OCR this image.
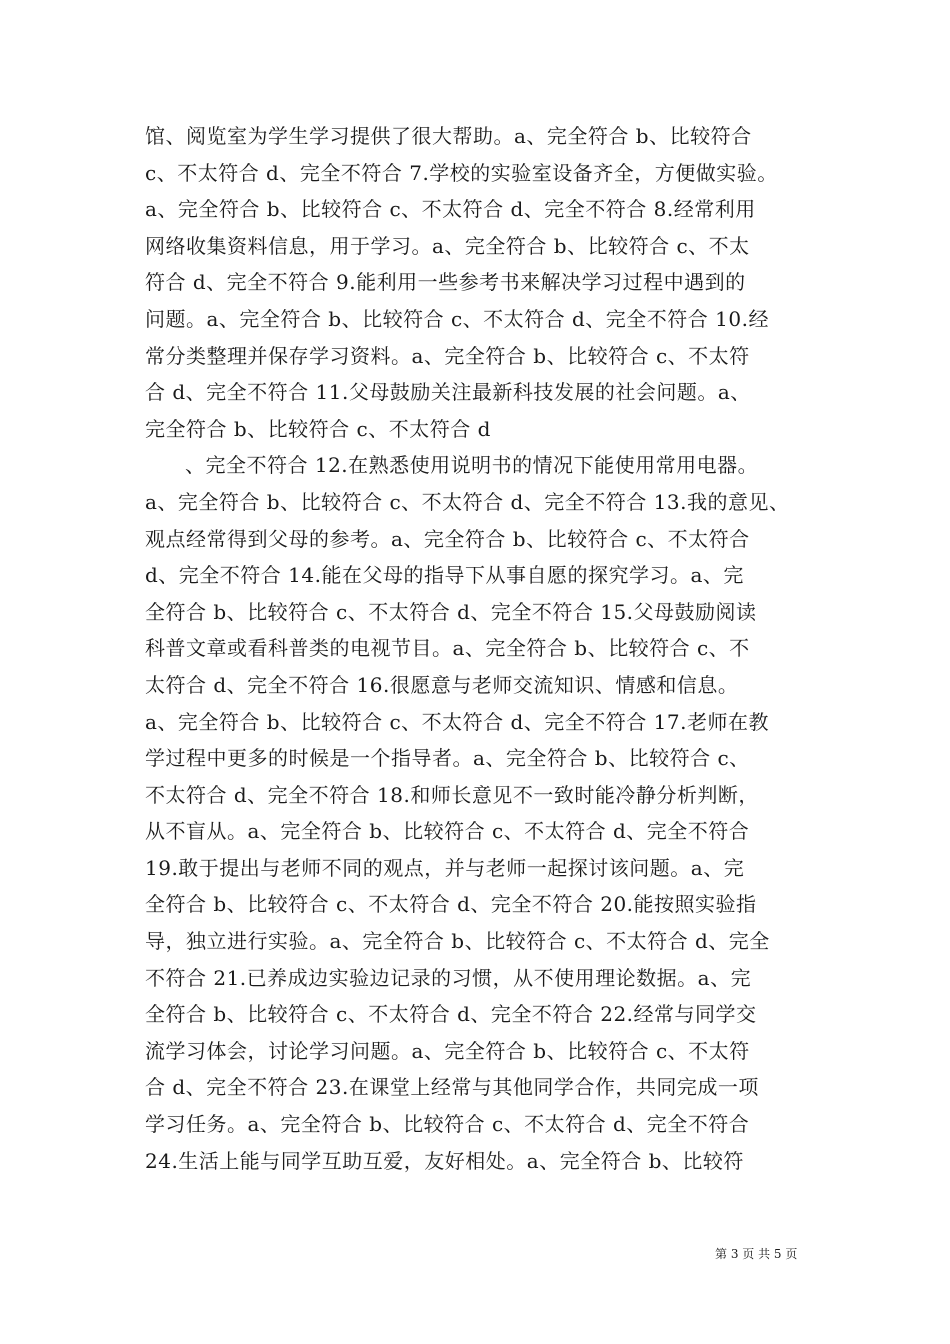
馆、阅览室为学生学习提供了很大帮助。a、完全符合 b、比较符合
c、不太符合 d、完全不符合 7.学校的实验室设备齐全，方便做实验。
a、完全符合 b、比较符合 c、不太符合 d、完全不符合 8.经常利用
网络收集资料信息，用于学习。a、完全符合 b、比较符合 c、不太
符合 d、完全不符合 9.能利用一些参考书来解决学习过程中遇到的
问题。a、完全符合 b、比较符合 c、不太符合 d、完全不符合 10.经
常分类整理并保存学习资料。a、完全符合 b、比较符合 c、不太符
合 d、完全不符合 11.父母鼓励关注最新科技发展的社会问题。a、
完全符合 b、比较符合 c、不太符合 d
、完全不符合 12.在熟悉使用说明书的情况下能使用常用电器。
a、完全符合 b、比较符合 c、不太符合 d、完全不符合 13.我的意见、
观点经常得到父母的参考。a、完全符合 b、比较符合 c、不太符合
d、完全不符合 14.能在父母的指导下从事自愿的探究学习。a、完
全符合 b、比较符合 c、不太符合 d、完全不符合 15.父母鼓励阅读
科普文章或看科普类的电视节目。a、完全符合 b、比较符合 c、不
太符合 d、完全不符合 16.很愿意与老师交流知识、情感和信息。
a、完全符合 b、比较符合 c、不太符合 d、完全不符合 17.老师在教
学过程中更多的时候是一个指导者。a、完全符合 b、比较符合 c、
不太符合 d、完全不符合 18.和师长意见不一致时能冷静分析判断，
从不盲从。a、完全符合 b、比较符合 c、不太符合 d、完全不符合
19.敢于提出与老师不同的观点，并与老师一起探讨该问题。a、完
全符合 b、比较符合 c、不太符合 d、完全不符合 20.能按照实验指
导，独立进行实验。a、完全符合 b、比较符合 c、不太符合 d、完全
不符合 21.已养成边实验边记录的习惯，从不使用理论数据。a、完
全符合 b、比较符合 c、不太符合 d、完全不符合 22.经常与同学交
流学习体会，讨论学习问题。a、完全符合 b、比较符合 c、不太符
合 d、完全不符合 23.在课堂上经常与其他同学合作，共同完成一项
学习任务。a、完全符合 b、比较符合 c、不太符合 d、完全不符合
24.生活上能与同学互助互爱，友好相处。a、完全符合 b、比较符
第 3 页 共 5 页
